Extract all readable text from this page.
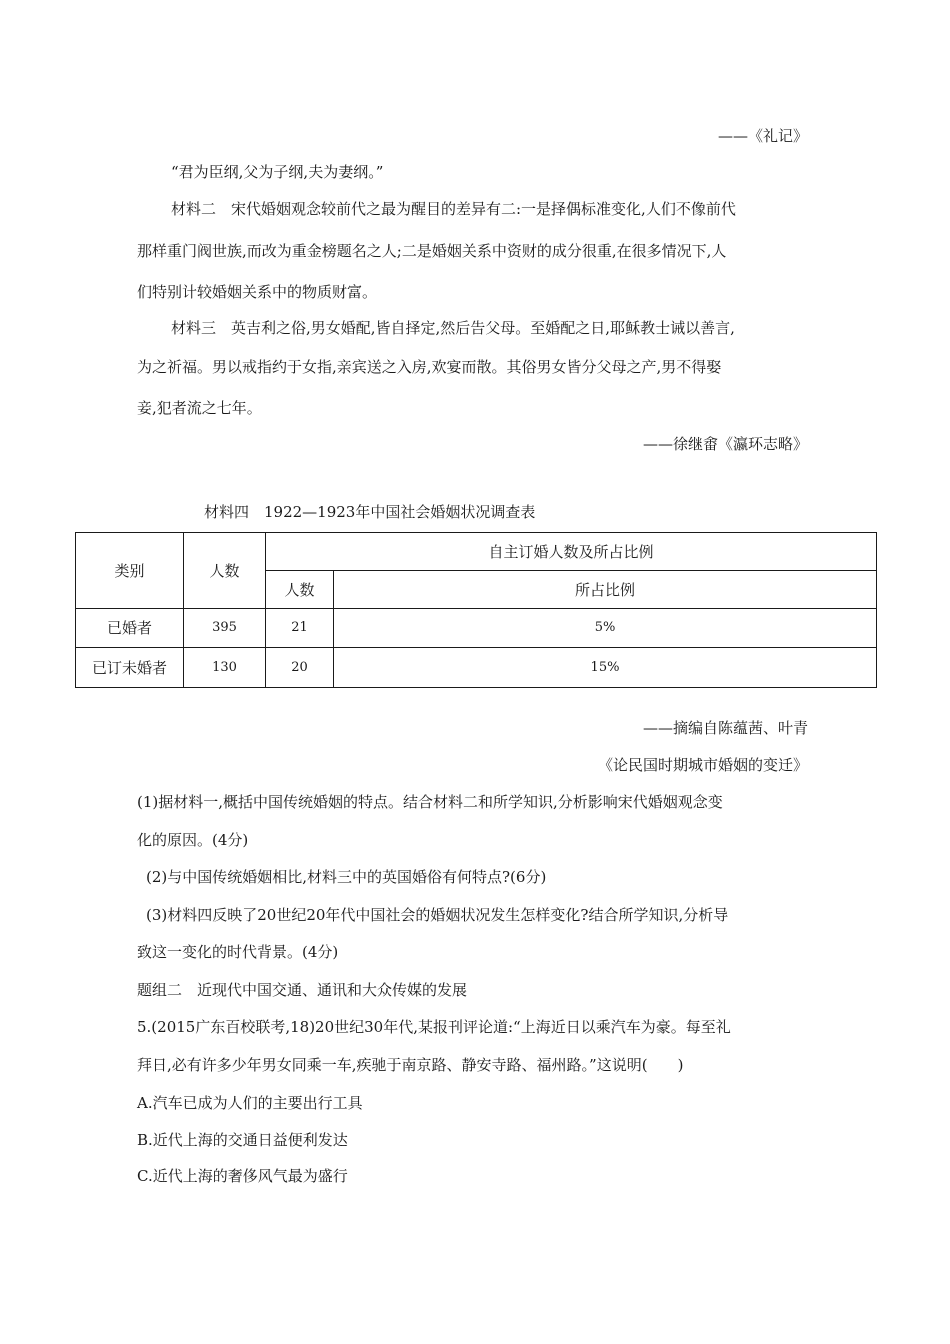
——《礼记》
“君为臣纲,父为子纲,夫为妻纲。”
材料二　宋代婚姻观念较前代之最为醒目的差异有二:一是择偶标准变化,人们不像前代
那样重门阀世族,而改为重金榜题名之人;二是婚姻关系中资财的成分很重,在很多情况下,人
们特别计较婚姻关系中的物质财富。
材料三　英吉利之俗,男女婚配,皆自择定,然后告父母。至婚配之日,耶稣教士诫以善言,
为之祈福。男以戒指约于女指,亲宾送之入房,欢宴而散。其俗男女皆分父母之产,男不得娶
妾,犯者流之七年。
——徐继畬《瀛环志略》
材料四　1922—1923年中国社会婚姻状况调查表
类别	人数	自主订婚人数及所占比例	
		人数	所占比例
已婚者	395	21	5%
已订未婚者	130	20	15%
——摘编自陈蕴茜、叶青
《论民国时期城市婚姻的变迁》
(1)据材料一,概括中国传统婚姻的特点。结合材料二和所学知识,分析影响宋代婚姻观念变
化的原因。(4分)
(2)与中国传统婚姻相比,材料三中的英国婚俗有何特点?(6分)
(3)材料四反映了20世纪20年代中国社会的婚姻状况发生怎样变化?结合所学知识,分析导
致这一变化的时代背景。(4分)
题组二　近现代中国交通、通讯和大众传媒的发展
5.(2015广东百校联考,18)20世纪30年代,某报刊评论道:“上海近日以乘汽车为豪。每至礼
拜日,必有许多少年男女同乘一车,疾驰于南京路、静安寺路、福州路。”这说明( )
A.汽车已成为人们的主要出行工具
B.近代上海的交通日益便利发达
C.近代上海的奢侈风气最为盛行
